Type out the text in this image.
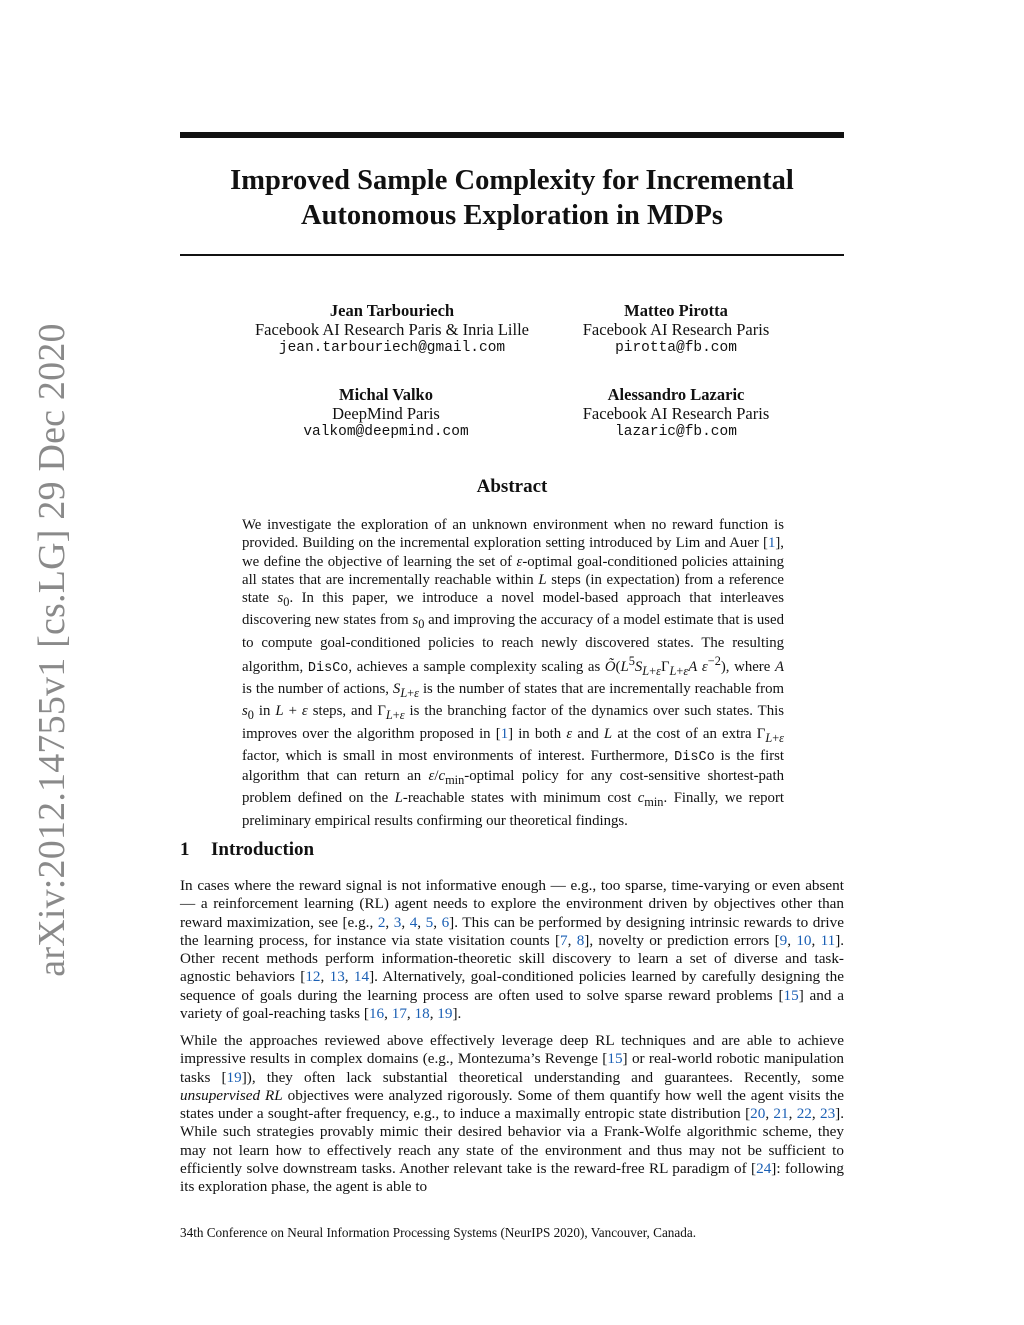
arXiv:2012.14755v1 [cs.LG] 29 Dec 2020
Improved Sample Complexity for Incremental
Autonomous Exploration in MDPs
Jean Tarbouriech
Facebook AI Research Paris & Inria Lille
jean.tarbouriech@gmail.com
Matteo Pirotta
Facebook AI Research Paris
pirotta@fb.com
Michal Valko
DeepMind Paris
valkom@deepmind.com
Alessandro Lazaric
Facebook AI Research Paris
lazaric@fb.com
Abstract

We investigate the exploration of an unknown environment when no reward function is provided. Building on the incremental exploration setting introduced by Lim and Auer [1], we define the objective of learning the set of ε-optimal goal-conditioned policies attaining all states that are incrementally reachable within L steps (in expectation) from a reference state $s_0$. In this paper, we introduce a novel model-based approach that interleaves discovering new states from $s_0$ and improving the accuracy of a model estimate that is used to compute goal-conditioned policies to reach newly discovered states. The resulting algorithm, DisCo, achieves a sample complexity scaling as $Õ(L^5S_{L+\varepsilon}\Gamma_{L+\varepsilon}A$ $\varepsilon^{-2}$), where A is the number of actions, $S_{L+\varepsilon}$ is the number of states that are incrementally reachable from $s_0$ in L + ε steps, and $\Gamma_{L+\varepsilon}$ is the branching factor of the dynamics over such states. This improves over the algorithm proposed in [1] in both ε and L at the cost of an extra $\Gamma_{L+\varepsilon}$ factor, which is small in most environments of interest. Furthermore, DisCo is the first algorithm that can return an $\varepsilon/c_{min}$-optimal policy for any cost-sensitive shortest-path problem defined on the L-reachable states with minimum cost $c_{min}$. Finally, we report preliminary empirical results confirming our theoretical findings.

1 Introduction

In cases where the reward signal is not informative enough — e.g., too sparse, time-varying or even absent — a reinforcement learning (RL) agent needs to explore the environment driven by objectives other than reward maximization, see [e.g., 2, 3, 4, 5, 6]. This can be performed by designing intrinsic rewards to drive the learning process, for instance via state visitation counts [7, 8], novelty or prediction errors [9, 10, 11]. Other recent methods perform information-theoretic skill discovery to learn a set of diverse and task-agnostic behaviors [12, 13, 14]. Alternatively, goal-conditioned policies learned by carefully designing the sequence of goals during the learning process are often used to solve sparse reward problems [15] and a variety of goal-reaching tasks [16, 17, 18, 19].

While the approaches reviewed above effectively leverage deep RL techniques and are able to achieve impressive results in complex domains (e.g., Montezuma’s Revenge [15] or real-world robotic manipulation tasks [19]), they often lack substantial theoretical understanding and guarantees. Recently, some unsupervised RL objectives were analyzed rigorously. Some of them quantify how well the agent visits the states under a sought-after frequency, e.g., to induce a maximally entropic state distribution [20, 21, 22, 23]. While such strategies provably mimic their desired behavior via a Frank-Wolfe algorithmic scheme, they may not learn how to effectively reach any state of the environment and thus may not be sufficient to efficiently solve downstream tasks. Another relevant take is the reward-free RL paradigm of [24]: following its exploration phase, the agent is able to

34th Conference on Neural Information Processing Systems (NeurIPS 2020), Vancouver, Canada.
